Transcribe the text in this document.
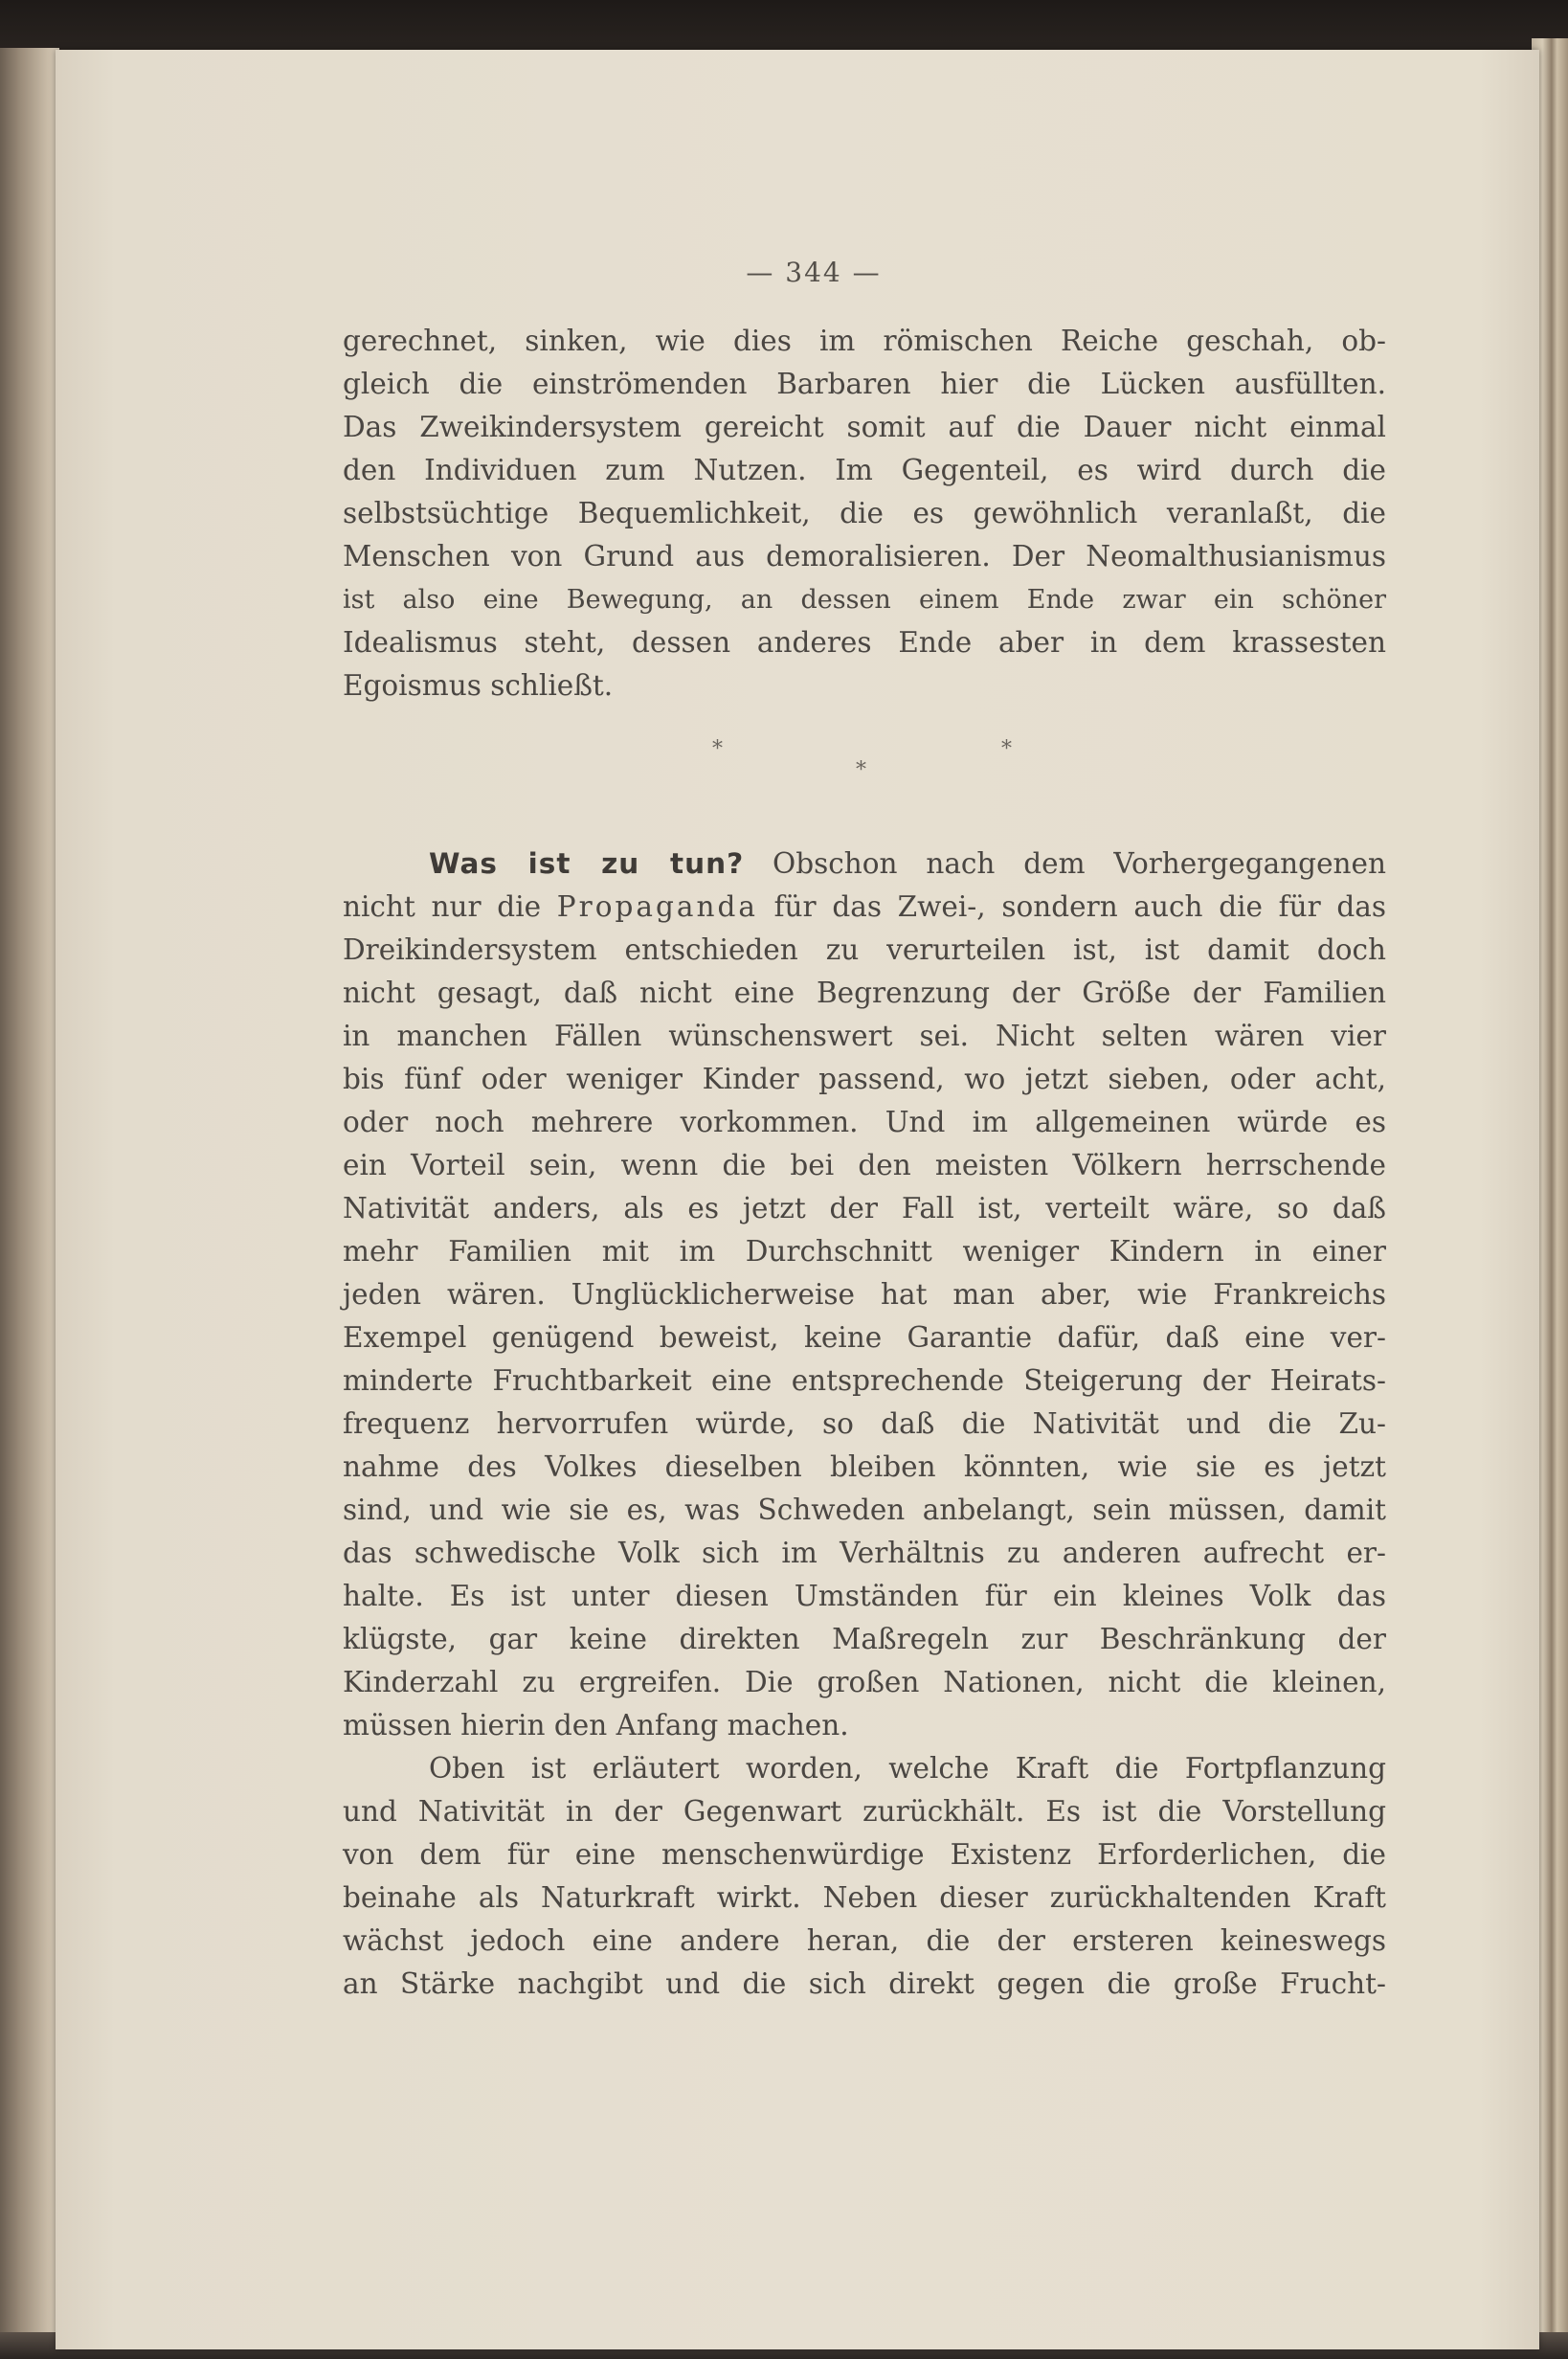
— 344 —
gerechnet, sinken, wie dies im römischen Reiche geschah, ob-
gleich die einströmenden Barbaren hier die Lücken ausfüllten.
Das Zweikindersystem gereicht somit auf die Dauer nicht einmal
den Individuen zum Nutzen. Im Gegenteil, es wird durch die
selbstsüchtige Bequemlichkeit, die es gewöhnlich veranlaßt, die
Menschen von Grund aus demoralisieren. Der Neomalthusianismus
ist also eine Bewegung, an dessen einem Ende zwar ein schöner
Idealismus steht, dessen anderes Ende aber in dem krassesten
Egoismus schließt.
*	*
*
Was ist zu tun? Obschon nach dem Vorhergegangenen
nicht nur die Propaganda für das Zwei-, sondern auch die für das
Dreikindersystem entschieden zu verurteilen ist, ist damit doch
nicht gesagt, daß nicht eine Begrenzung der Größe der Familien
in manchen Fällen wünschenswert sei. Nicht selten wären vier
bis fünf oder weniger Kinder passend, wo jetzt sieben, oder acht,
oder noch mehrere vorkommen. Und im allgemeinen würde es
ein Vorteil sein, wenn die bei den meisten Völkern herrschende
Nativität anders, als es jetzt der Fall ist, verteilt wäre, so daß
mehr Familien mit im Durchschnitt weniger Kindern in einer
jeden wären. Unglücklicherweise hat man aber, wie Frankreichs
Exempel genügend beweist, keine Garantie dafür, daß eine ver-
minderte Fruchtbarkeit eine entsprechende Steigerung der Heirats-
frequenz hervorrufen würde, so daß die Nativität und die Zu-
nahme des Volkes dieselben bleiben könnten, wie sie es jetzt
sind, und wie sie es, was Schweden anbelangt, sein müssen, damit
das schwedische Volk sich im Verhältnis zu anderen aufrecht er-
halte. Es ist unter diesen Umständen für ein kleines Volk das
klügste, gar keine direkten Maßregeln zur Beschränkung der
Kinderzahl zu ergreifen. Die großen Nationen, nicht die kleinen,
müssen hierin den Anfang machen.
Oben ist erläutert worden, welche Kraft die Fortpflanzung
und Nativität in der Gegenwart zurückhält. Es ist die Vorstellung
von dem für eine menschenwürdige Existenz Erforderlichen, die
beinahe als Naturkraft wirkt. Neben dieser zurückhaltenden Kraft
wächst jedoch eine andere heran, die der ersteren keineswegs
an Stärke nachgibt und die sich direkt gegen die große Frucht-
